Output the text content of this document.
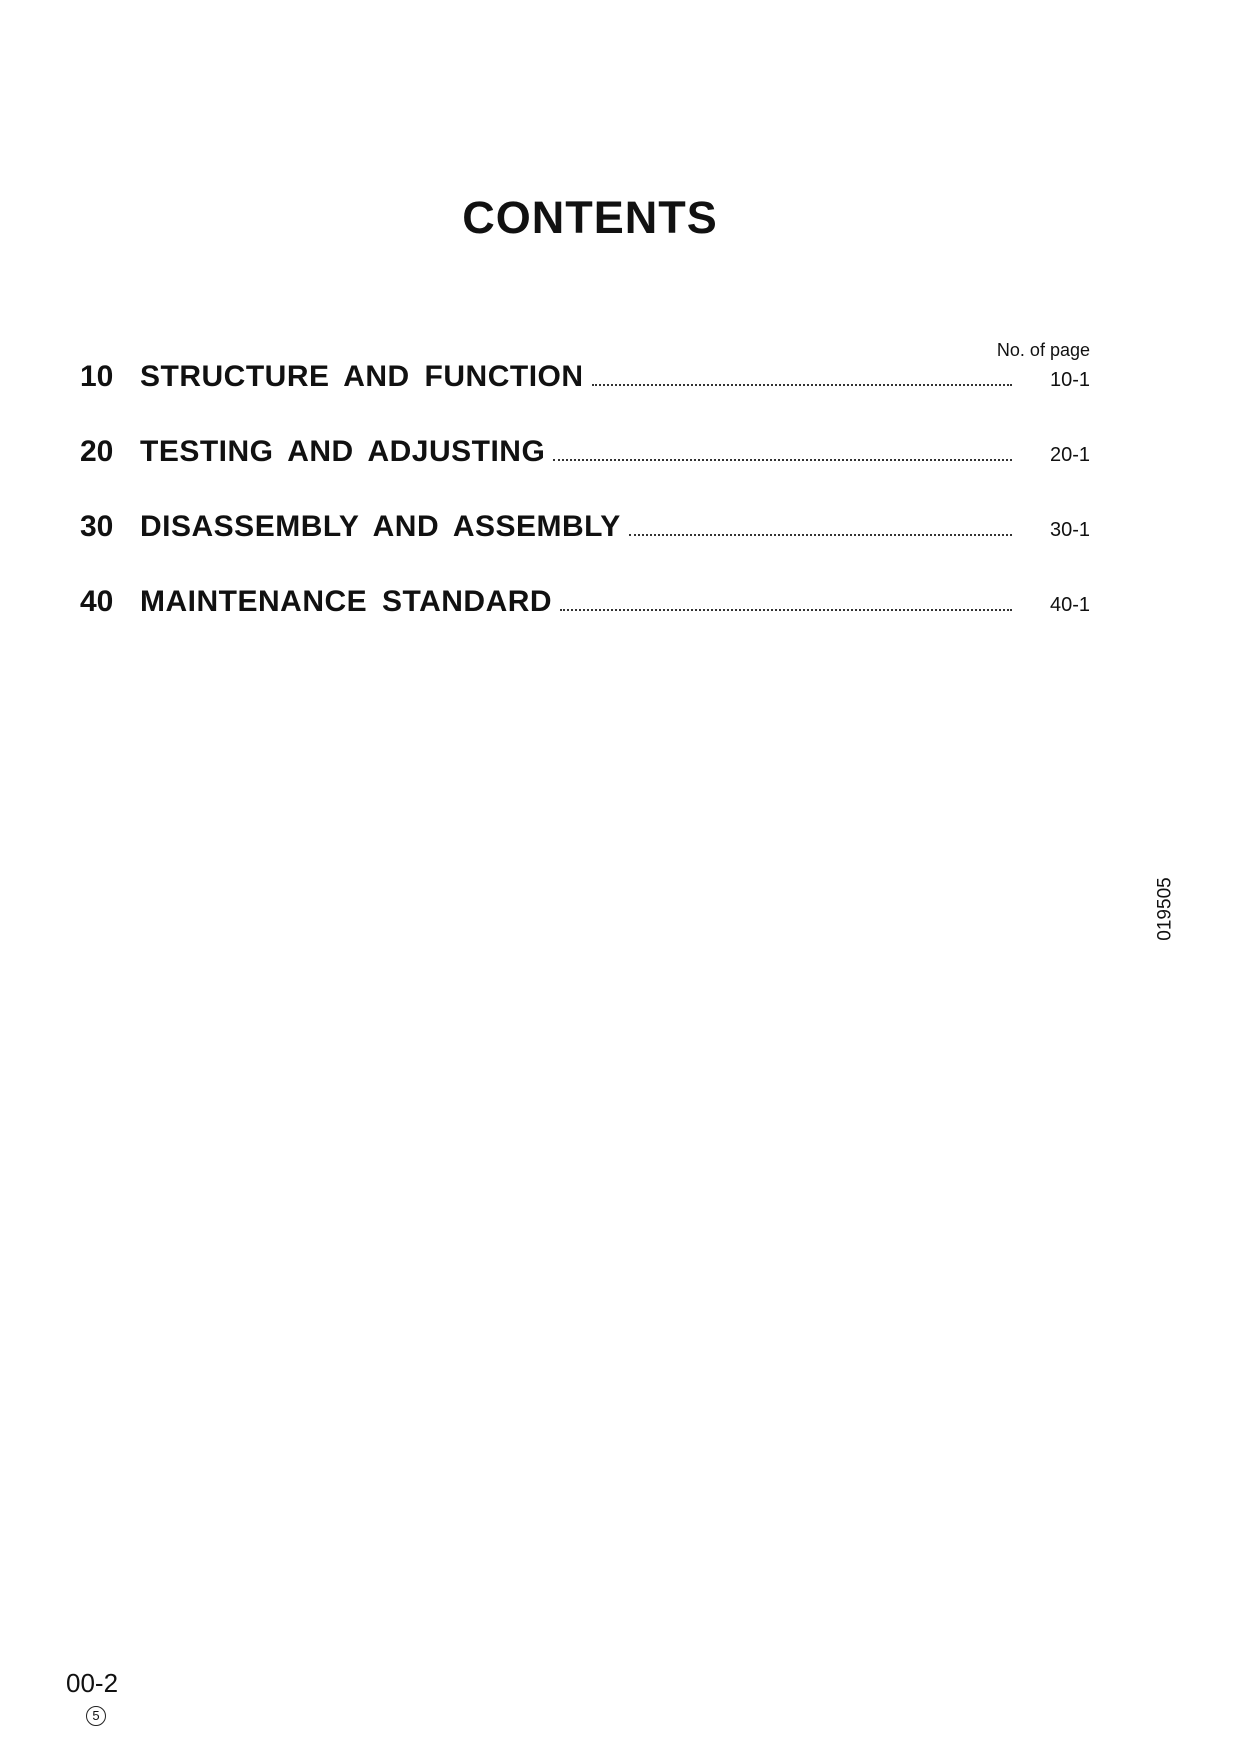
CONTENTS
No. of page
10 STRUCTURE AND FUNCTION	10-1
20 TESTING AND ADJUSTING	20-1
30 DISASSEMBLY AND ASSEMBLY	30-1
40 MAINTENANCE STANDARD	40-1
019505
00-2
5
